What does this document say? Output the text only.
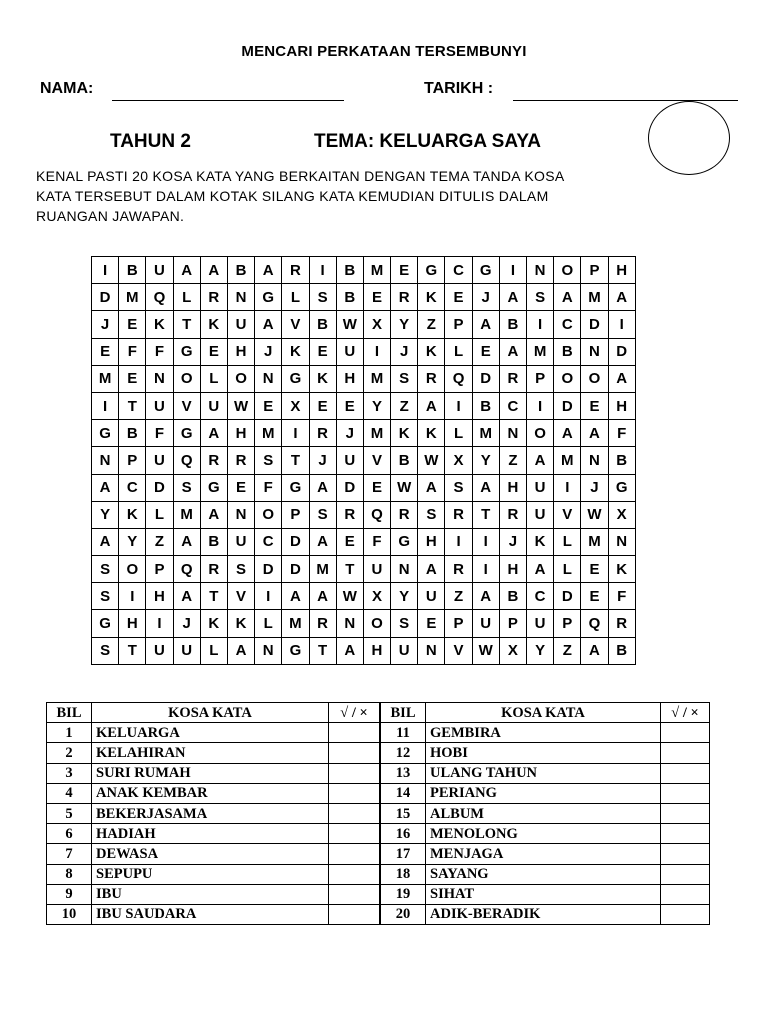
MENCARI PERKATAAN TERSEMBUNYI
NAMA:	TARIKH :
TAHUN 2	TEMA: KELUARGA SAYA
KENAL PASTI 20 KOSA KATA YANG BERKAITAN DENGAN TEMA TANDA KOSA
KATA TERSEBUT DALAM KOTAK SILANG KATA KEMUDIAN DITULIS DALAM
RUANGAN JAWAPAN.
I	B	U	A	A	B	A	R	I	B	M	E	G	C	G	I	N	O	P	H
D	M	Q	L	R	N	G	L	S	B	E	R	K	E	J	A	S	A	M	A
J	E	K	T	K	U	A	V	B	W	X	Y	Z	P	A	B	I	C	D	I
E	F	F	G	E	H	J	K	E	U	I	J	K	L	E	A	M	B	N	D
M	E	N	O	L	O	N	G	K	H	M	S	R	Q	D	R	P	O	O	A
I	T	U	V	U	W	E	X	E	E	Y	Z	A	I	B	C	I	D	E	H
G	B	F	G	A	H	M	I	R	J	M	K	K	L	M	N	O	A	A	F
N	P	U	Q	R	R	S	T	J	U	V	B	W	X	Y	Z	A	M	N	B
A	C	D	S	G	E	F	G	A	D	E	W	A	S	A	H	U	I	J	G
Y	K	L	M	A	N	O	P	S	R	Q	R	S	R	T	R	U	V	W	X
A	Y	Z	A	B	U	C	D	A	E	F	G	H	I	I	J	K	L	M	N
S	O	P	Q	R	S	D	D	M	T	U	N	A	R	I	H	A	L	E	K
S	I	H	A	T	V	I	A	A	W	X	Y	U	Z	A	B	C	D	E	F
G	H	I	J	K	K	L	M	R	N	O	S	E	P	U	P	U	P	Q	R
S	T	U	U	L	A	N	G	T	A	H	U	N	V	W	X	Y	Z	A	B
BIL	KOSA KATA	√ / ×	BIL	KOSA KATA	√ / ×
1	KELUARGA		11	GEMBIRA	
2	KELAHIRAN		12	HOBI	
3	SURI RUMAH		13	ULANG TAHUN	
4	ANAK KEMBAR		14	PERIANG	
5	BEKERJASAMA		15	ALBUM	
6	HADIAH		16	MENOLONG	
7	DEWASA		17	MENJAGA	
8	SEPUPU		18	SAYANG	
9	IBU		19	SIHAT	
10	IBU SAUDARA		20	ADIK-BERADIK	
